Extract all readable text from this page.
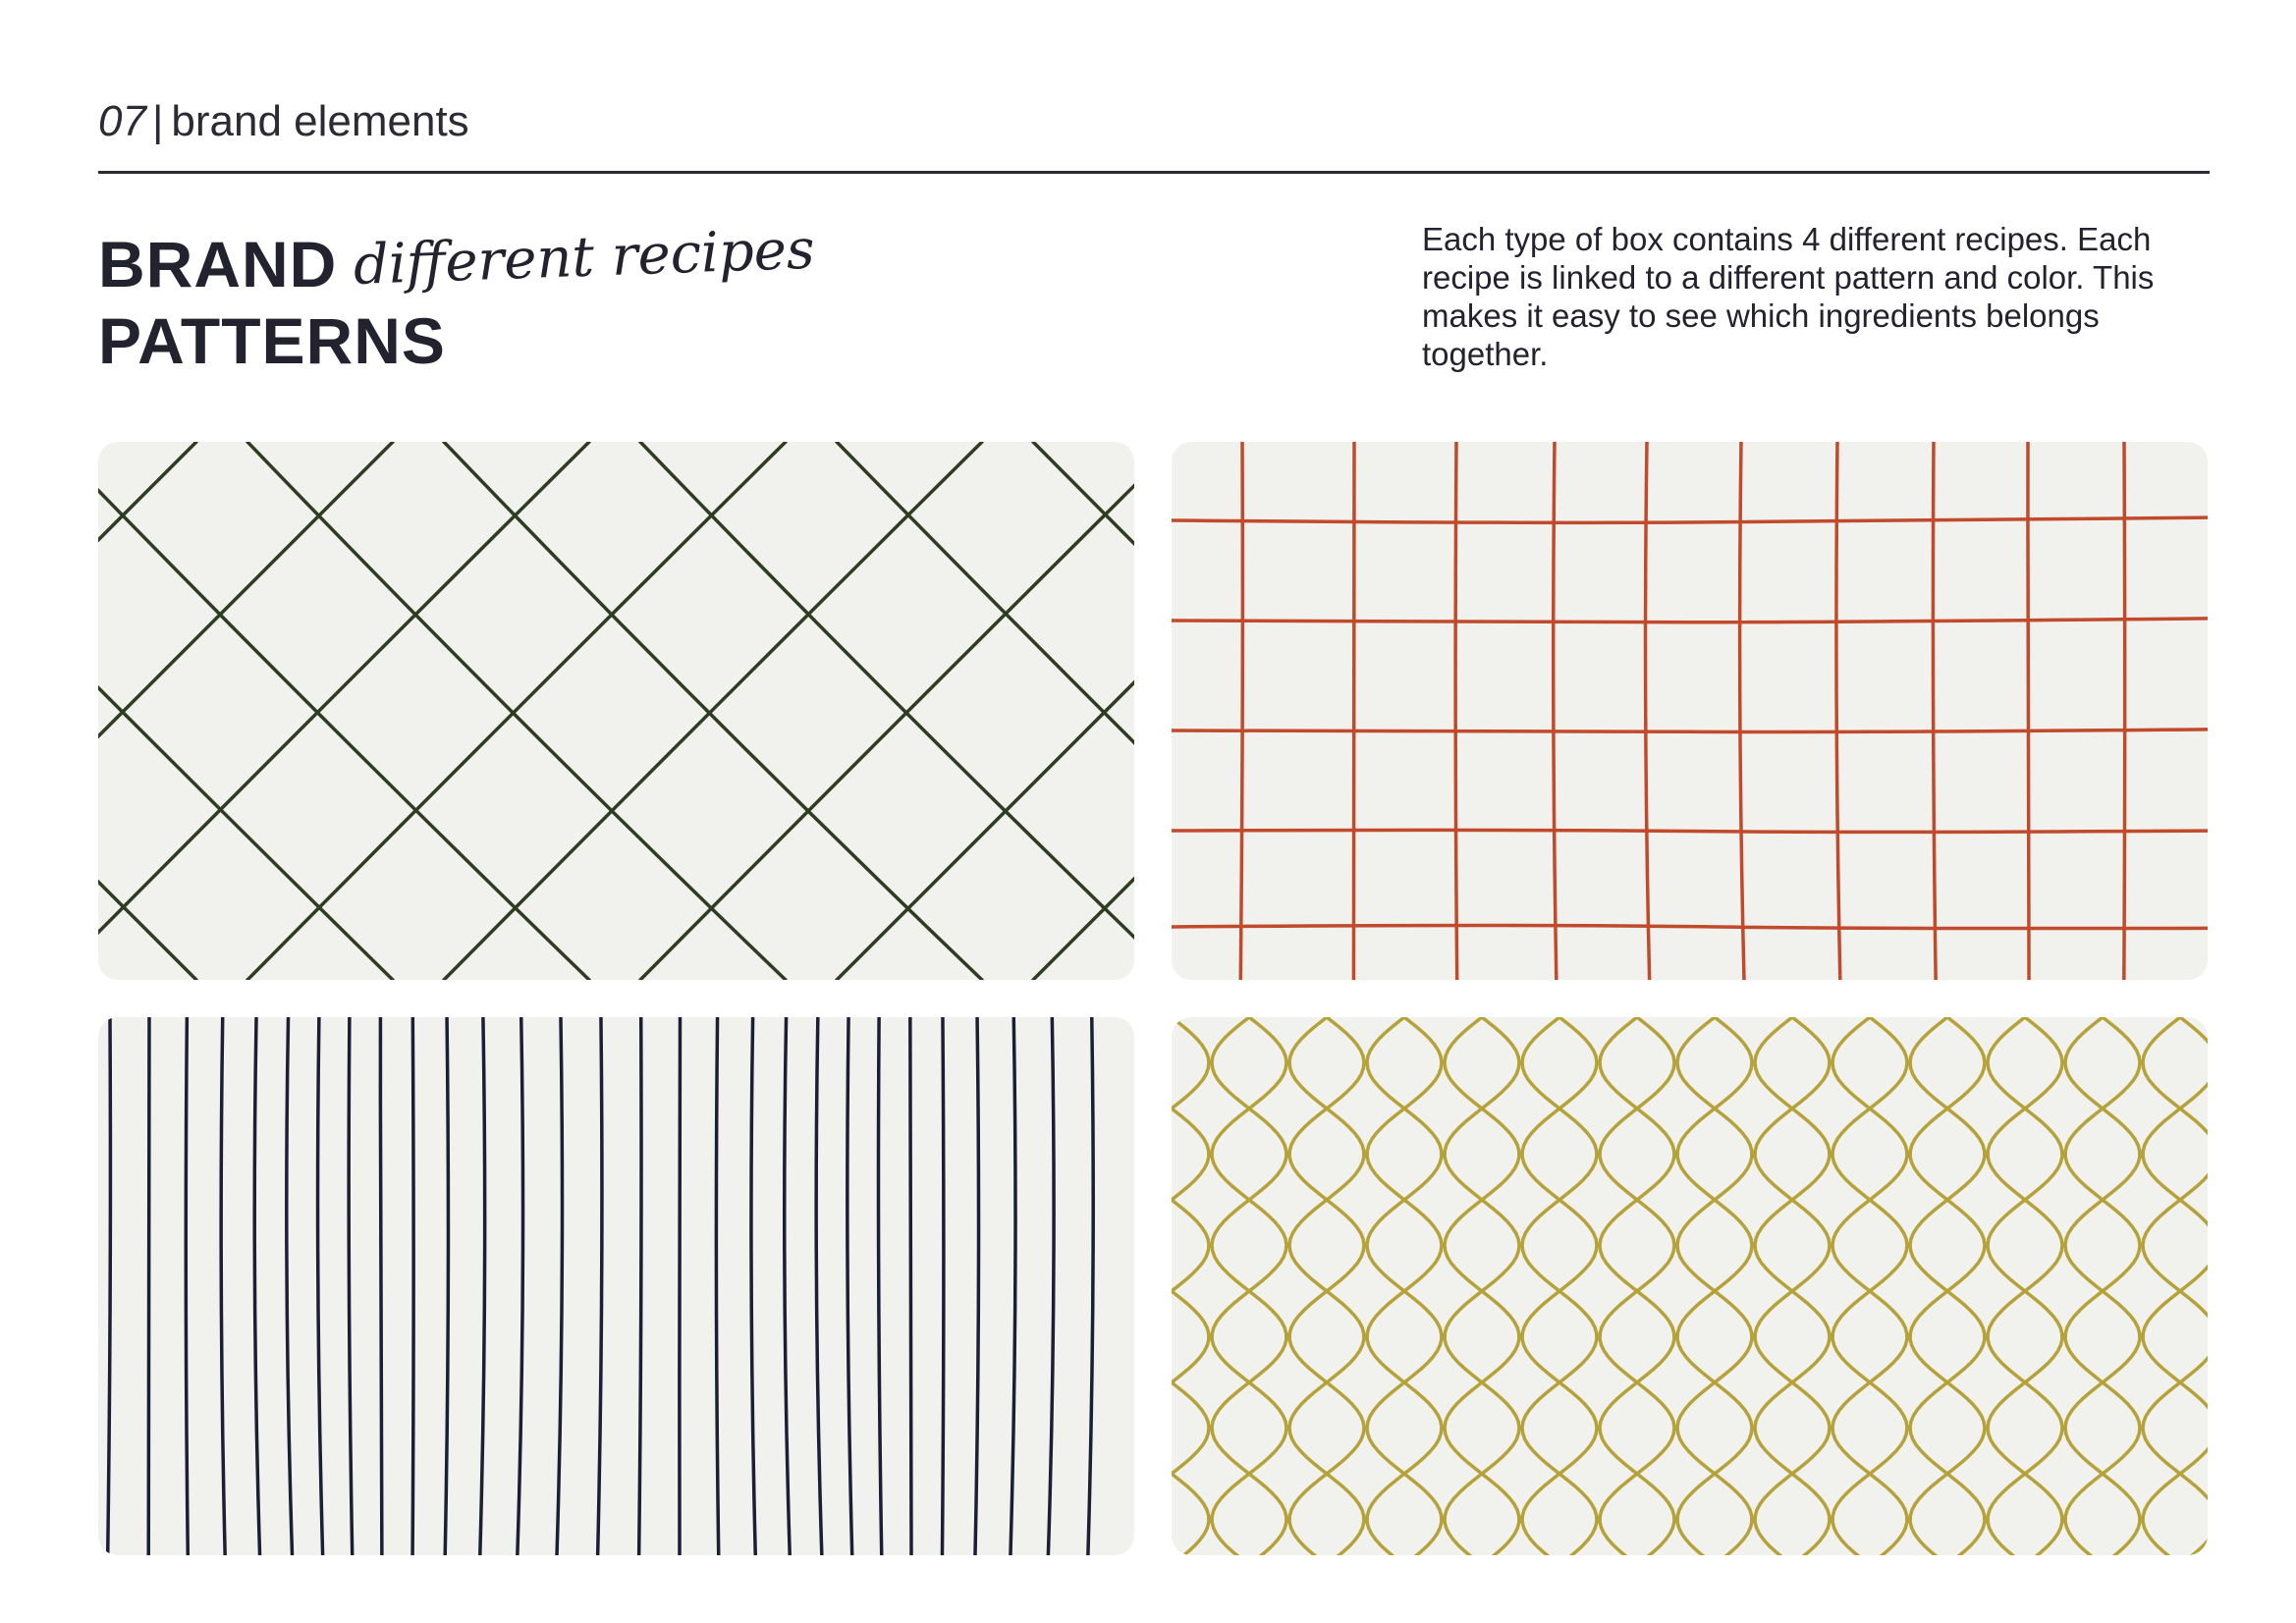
07 | brand elements
BRAND
PATTERNS
different recipes	Each type of box contains 4 different recipes. Each recipe is linked to a different pattern and color. This makes it easy to see which ingredients belongs together.
